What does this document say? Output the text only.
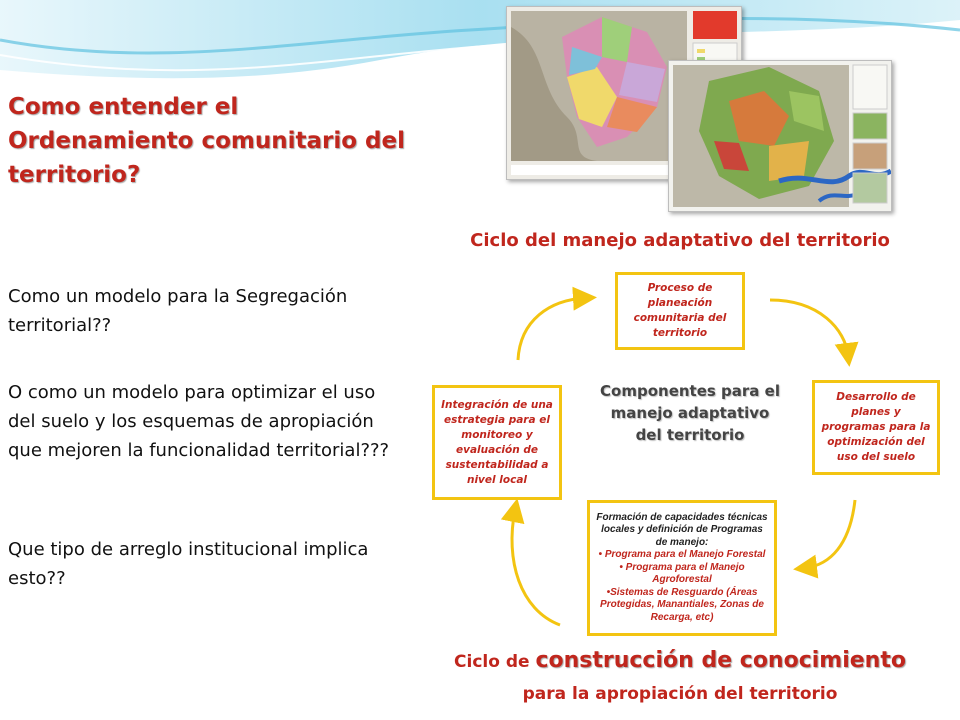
Como entender el Ordenamiento comunitario del territorio?
Como un modelo para la Segregación territorial??
O como un modelo para optimizar el uso del suelo y los esquemas de apropiación que mejoren la funcionalidad territorial???
Que tipo de arreglo institucional implica esto??
Ciclo del manejo adaptativo del territorio
Proceso de planeación comunitaria del territorio
Desarrollo de planes y programas para la optimización del uso del suelo
Integración de una estrategia para el monitoreo y evaluación de sustentabilidad a nivel local
Formación de capacidades técnicas locales y definición de Programas de manejo:
• Programa para el Manejo Forestal
• Programa para el Manejo Agroforestal
•Sistemas de Resguardo (Áreas Protegidas, Manantiales, Zonas de Recarga, etc)
Componentes para el manejo adaptativo del territorio
Ciclo de construcción de conocimiento
para la apropiación del territorio
